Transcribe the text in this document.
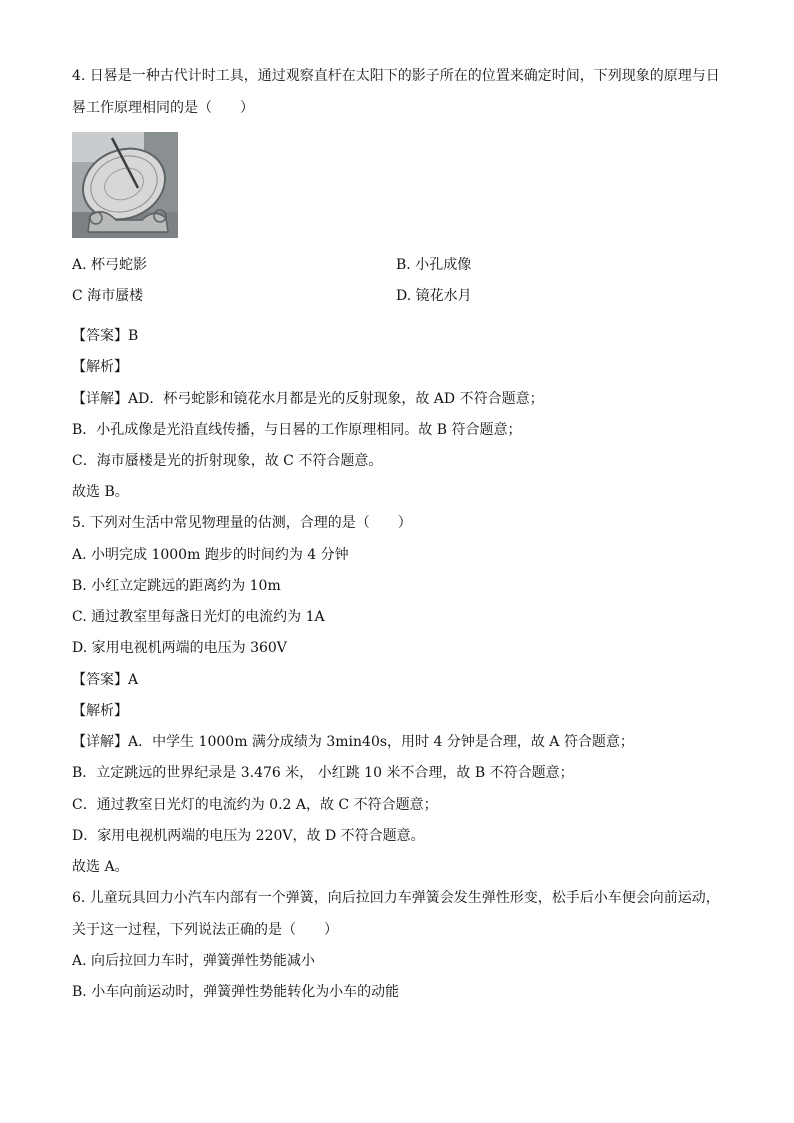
4. 日晷是一种古代计时工具，通过观察直杆在太阳下的影子所在的位置来确定时间，下列现象的原理与日
晷工作原理相同的是（　　）
A. 杯弓蛇影	B. 小孔成像
C 海市蜃楼	D. 镜花水月
【答案】B
【解析】
【详解】AD．杯弓蛇影和镜花水月都是光的反射现象，故 AD 不符合题意；
B．小孔成像是光沿直线传播，与日晷的工作原理相同。故 B 符合题意；
C．海市蜃楼是光的折射现象，故 C 不符合题意。
故选 B。
5. 下列对生活中常见物理量的估测，合理的是（　　）
A. 小明完成 1000m 跑步的时间约为 4 分钟
B. 小红立定跳远的距离约为 10m
C. 通过教室里每盏日光灯的电流约为 1A
D. 家用电视机两端的电压为 360V
【答案】A
【解析】
【详解】A．中学生 1000m 满分成绩为 3min40s，用时 4 分钟是合理，故 A 符合题意；
B．立定跳远的世界纪录是 3.476 米， 小红跳 10 米不合理，故 B 不符合题意；
C．通过教室日光灯的电流约为 0.2 A，故 C 不符合题意；
D．家用电视机两端的电压为 220V，故 D 不符合题意。
故选 A。
6. 儿童玩具回力小汽车内部有一个弹簧，向后拉回力车弹簧会发生弹性形变，松手后小车便会向前运动，
关于这一过程，下列说法正确的是（　　）
A. 向后拉回力车时，弹簧弹性势能减小
B. 小车向前运动时，弹簧弹性势能转化为小车的动能
